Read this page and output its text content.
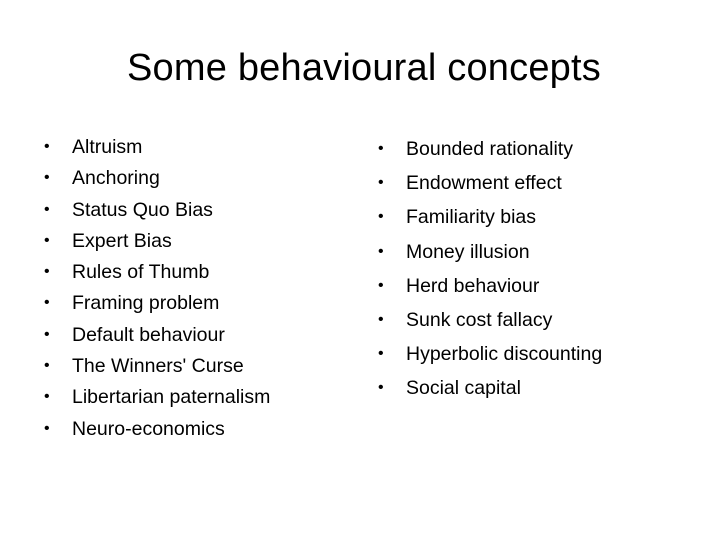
Some behavioural concepts
• Altruism
• Anchoring
• Status Quo Bias
• Expert Bias
• Rules of Thumb
• Framing problem
• Default behaviour
• The Winners' Curse
• Libertarian paternalism
• Neuro-economics
• Bounded rationality
• Endowment effect
• Familiarity bias
• Money illusion
• Herd behaviour
• Sunk cost fallacy
• Hyperbolic discounting
• Social capital
